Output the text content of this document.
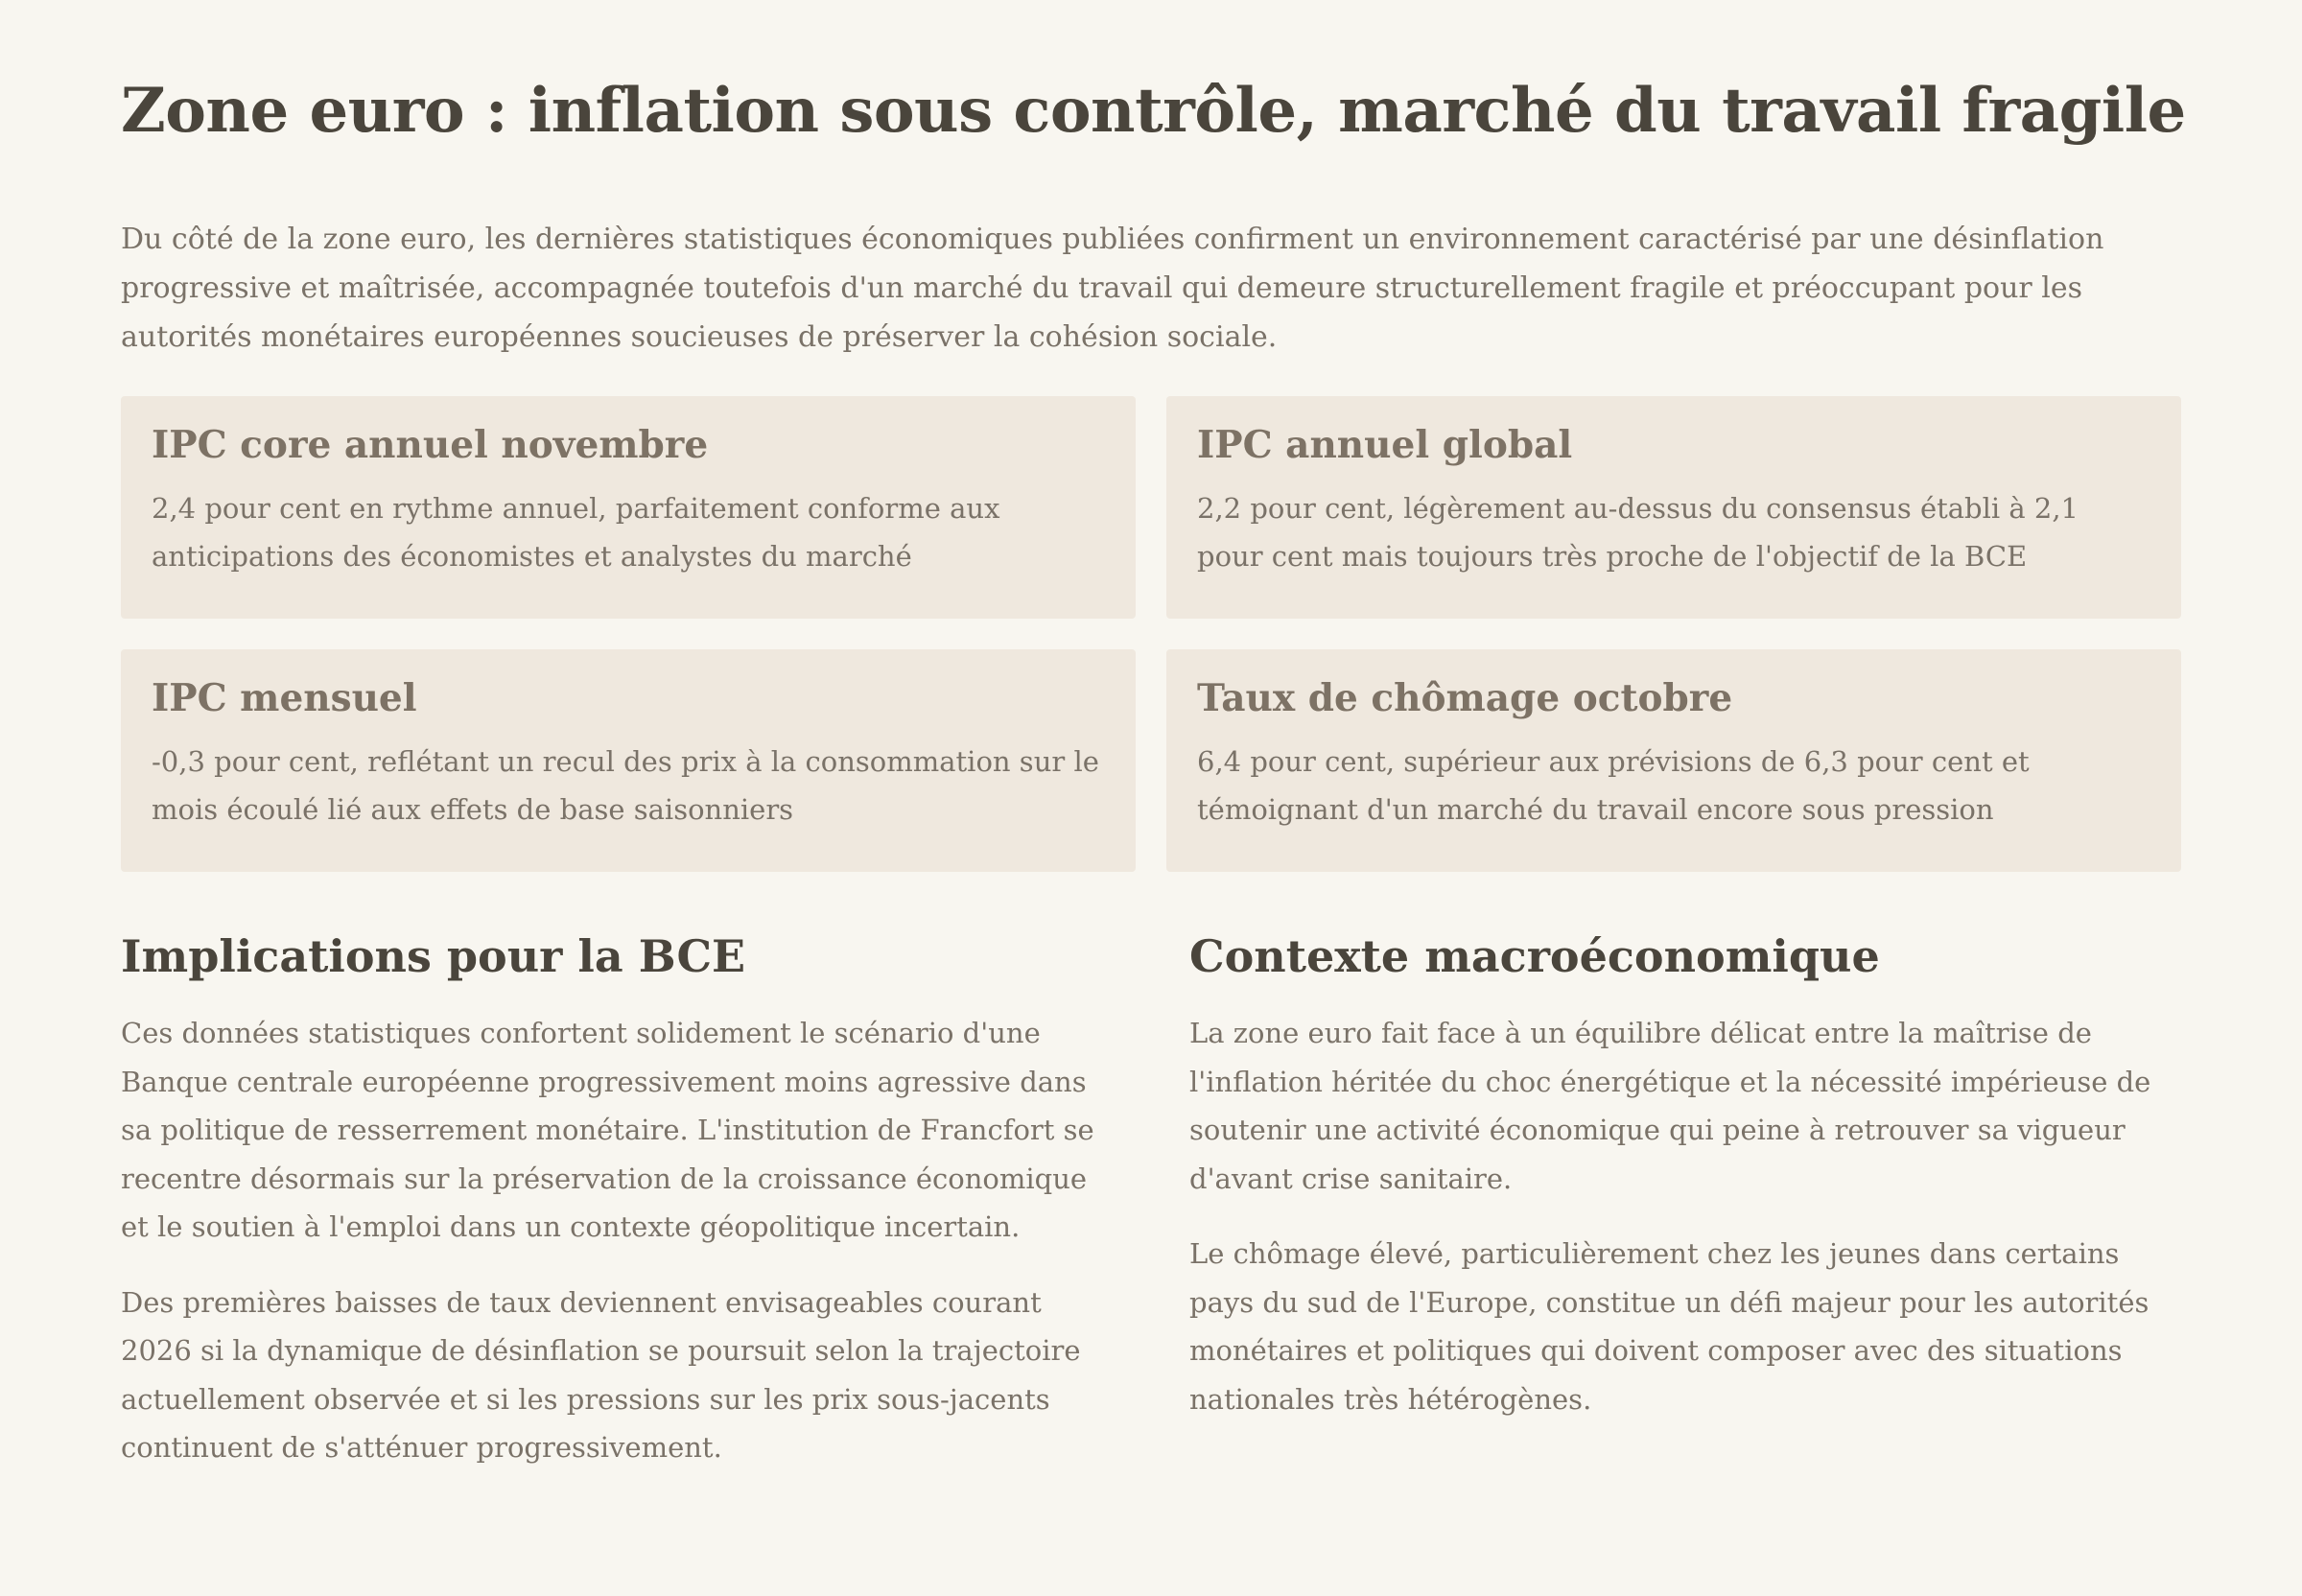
Zone euro : inflation sous contrôle, marché du travail fragile

Du côté de la zone euro, les dernières statistiques économiques publiées confirment un environnement caractérisé par une désinflation progressive et maîtrisée, accompagnée toutefois d'un marché du travail qui demeure structurellement fragile et préoccupant pour les autorités monétaires européennes soucieuses de préserver la cohésion sociale.

IPC core annuel novembre

2,4 pour cent en rythme annuel, parfaitement conforme aux anticipations des économistes et analystes du marché

IPC annuel global

2,2 pour cent, légèrement au-dessus du consensus établi à 2,1 pour cent mais toujours très proche de l'objectif de la BCE

IPC mensuel

-0,3 pour cent, reflétant un recul des prix à la consommation sur le mois écoulé lié aux effets de base saisonniers

Taux de chômage octobre

6,4 pour cent, supérieur aux prévisions de 6,3 pour cent et témoignant d'un marché du travail encore sous pression

Implications pour la BCE

Ces données statistiques confortent solidement le scénario d'une Banque centrale européenne progressivement moins agressive dans sa politique de resserrement monétaire. L'institution de Francfort se recentre désormais sur la préservation de la croissance économique et le soutien à l'emploi dans un contexte géopolitique incertain.

Des premières baisses de taux deviennent envisageables courant 2026 si la dynamique de désinflation se poursuit selon la trajectoire actuellement observée et si les pressions sur les prix sous-jacents continuent de s'atténuer progressivement.

Contexte macroéconomique

La zone euro fait face à un équilibre délicat entre la maîtrise de l'inflation héritée du choc énergétique et la nécessité impérieuse de soutenir une activité économique qui peine à retrouver sa vigueur d'avant crise sanitaire.

Le chômage élevé, particulièrement chez les jeunes dans certains pays du sud de l'Europe, constitue un défi majeur pour les autorités monétaires et politiques qui doivent composer avec des situations nationales très hétérogènes.
